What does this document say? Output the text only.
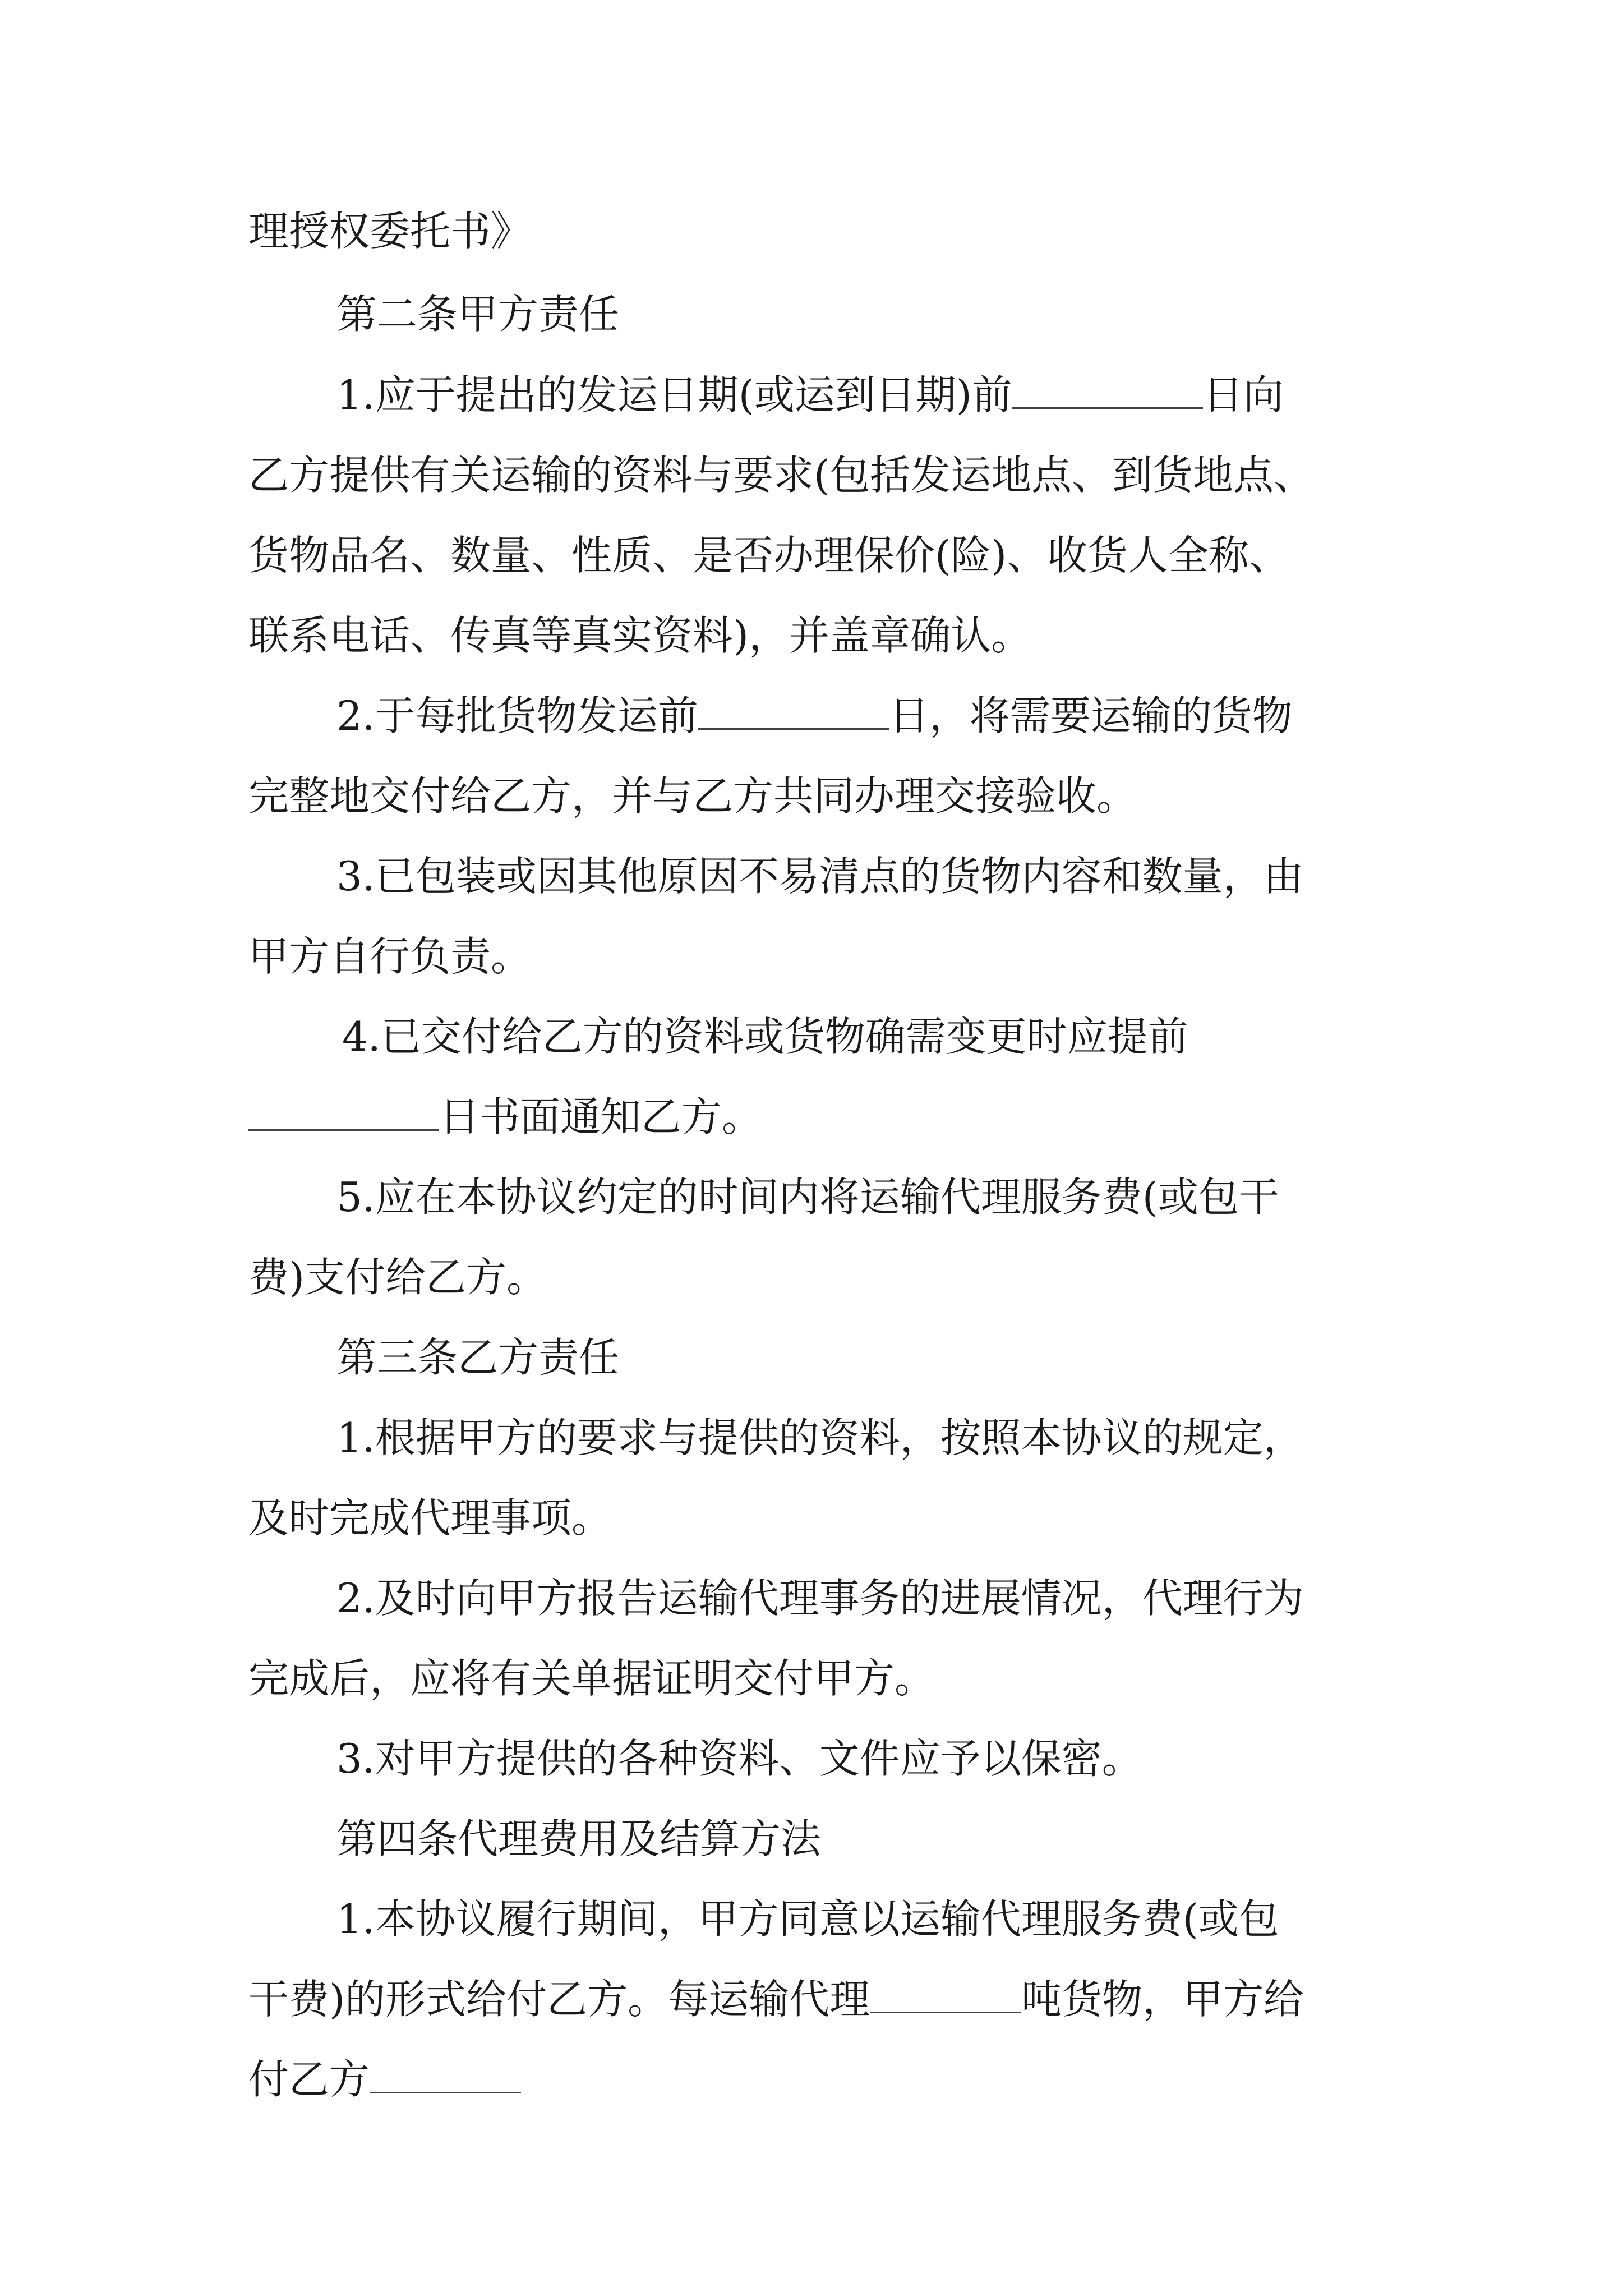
理授权委托书》
第二条甲方责任
1.应于提出的发运日期(或运到日期)前	日向
乙方提供有关运输的资料与要求(包括发运地点、到货地点、
货物品名、数量、性质、是否办理保价(险)、收货人全称、
联系电话、传真等真实资料)，并盖章确认。
2.于每批货物发运前	日，将需要运输的货物
完整地交付给乙方，并与乙方共同办理交接验收。
3.已包装或因其他原因不易清点的货物内容和数量，由
甲方自行负责。
4.已交付给乙方的资料或货物确需变更时应提前
日书面通知乙方。
5.应在本协议约定的时间内将运输代理服务费(或包干
费)支付给乙方。
第三条乙方责任
1.根据甲方的要求与提供的资料，按照本协议的规定，
及时完成代理事项。
2.及时向甲方报告运输代理事务的进展情况，代理行为
完成后，应将有关单据证明交付甲方。
3.对甲方提供的各种资料、文件应予以保密。
第四条代理费用及结算方法
1.本协议履行期间，甲方同意以运输代理服务费(或包
干费)的形式给付乙方。每运输代理	吨货物，甲方给
付乙方
